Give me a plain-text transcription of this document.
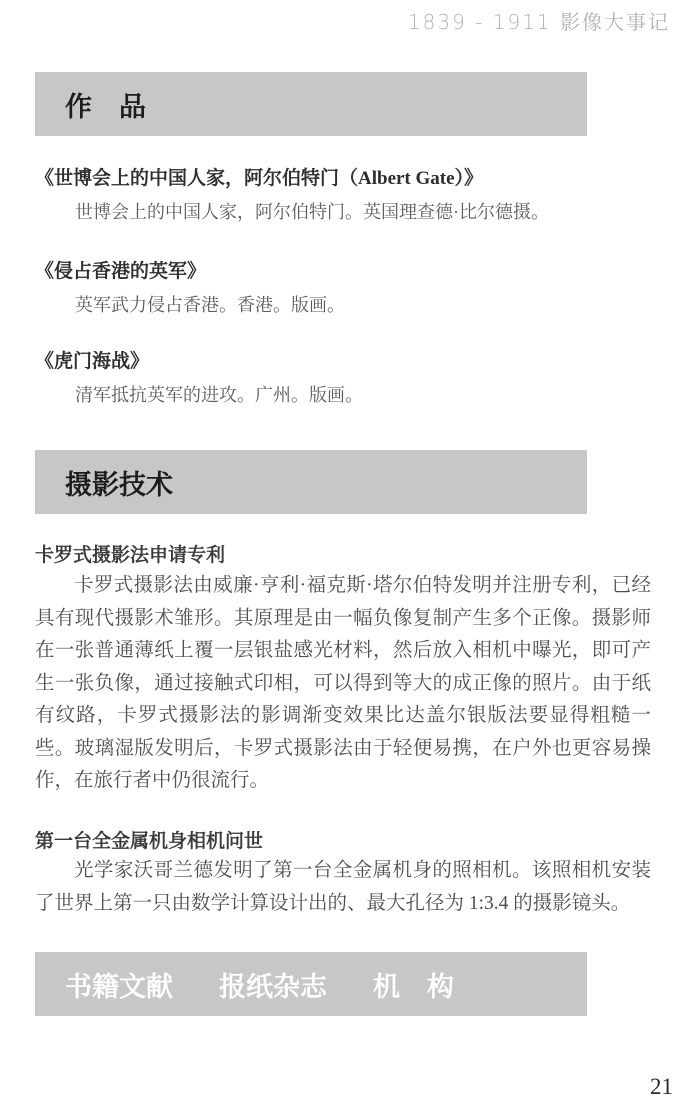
1839 - 1911 影像大事记
作　品
《世博会上的中国人家，阿尔伯特门（Albert Gate）》
世博会上的中国人家，阿尔伯特门。英国理查德·比尔德摄。
《侵占香港的英军》
英军武力侵占香港。香港。版画。
《虎门海战》
清军抵抗英军的进攻。广州。版画。
摄影技术
卡罗式摄影法申请专利
卡罗式摄影法由威廉·亨利·福克斯·塔尔伯特发明并注册专利，已经具有现代摄影术雏形。其原理是由一幅负像复制产生多个正像。摄影师在一张普通薄纸上覆一层银盐感光材料，然后放入相机中曝光，即可产生一张负像，通过接触式印相，可以得到等大的成正像的照片。由于纸有纹路，卡罗式摄影法的影调渐变效果比达盖尔银版法要显得粗糙一些。玻璃湿版发明后，卡罗式摄影法由于轻便易携，在户外也更容易操作，在旅行者中仍很流行。
第一台全金属机身相机问世
光学家沃哥兰德发明了第一台全金属机身的照相机。该照相机安装了世界上第一只由数学计算设计出的、最大孔径为 1:3.4 的摄影镜头。
书籍文献 报纸杂志 机　构
21
